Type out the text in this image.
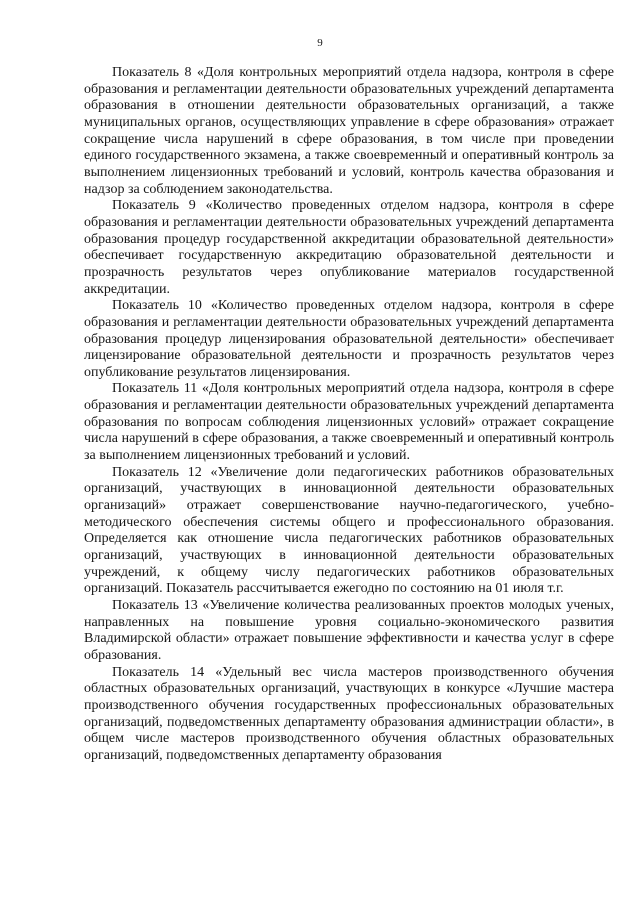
9

Показатель 8 «Доля контрольных мероприятий отдела надзора, контроля в сфере образования и регламентации деятельности образовательных учреждений департамента образования в отношении деятельности образовательных организаций, а также муниципальных органов, осуществляющих управление в сфере образования» отражает сокращение числа нарушений в сфере образования, в том числе при проведении единого государственного экзамена, а также своевременный и оперативный контроль за выполнением лицензионных требований и условий, контроль качества образования и надзор за соблюдением законодательства.

Показатель 9 «Количество проведенных отделом надзора, контроля в сфере образования и регламентации деятельности образовательных учреждений департамента образования процедур государственной аккредитации образовательной деятельности» обеспечивает государственную аккредитацию образовательной деятельности и прозрачность результатов через опубликование материалов государственной аккредитации.

Показатель 10 «Количество проведенных отделом надзора, контроля в сфере образования и регламентации деятельности образовательных учреждений департамента образования процедур лицензирования образовательной деятельности» обеспечивает лицензирование образовательной деятельности и прозрачность результатов через опубликование результатов лицензирования.

Показатель 11 «Доля контрольных мероприятий отдела надзора, контроля в сфере образования и регламентации деятельности образовательных учреждений департамента образования по вопросам соблюдения лицензионных условий» отражает сокращение числа нарушений в сфере образования, а также своевременный и оперативный контроль за выполнением лицензионных требований и условий.

Показатель 12 «Увеличение доли педагогических работников образовательных организаций, участвующих в инновационной деятельности образовательных организаций» отражает совершенствование научно-педагогического, учебно-методического обеспечения системы общего и профессионального образования. Определяется как отношение числа педагогических работников образовательных организаций, участвующих в инновационной деятельности образовательных учреждений, к общему числу педагогических работников образовательных организаций. Показатель рассчитывается ежегодно по состоянию на 01 июля т.г.

Показатель 13 «Увеличение количества реализованных проектов молодых ученых, направленных на повышение уровня социально-экономического развития Владимирской области» отражает повышение эффективности и качества услуг в сфере образования.

Показатель 14 «Удельный вес числа мастеров производственного обучения областных образовательных организаций, участвующих в конкурсе «Лучшие мастера производственного обучения государственных профессиональных образовательных организаций, подведомственных департаменту образования администрации области», в общем числе мастеров производственного обучения областных образовательных организаций, подведомственных департаменту образования
